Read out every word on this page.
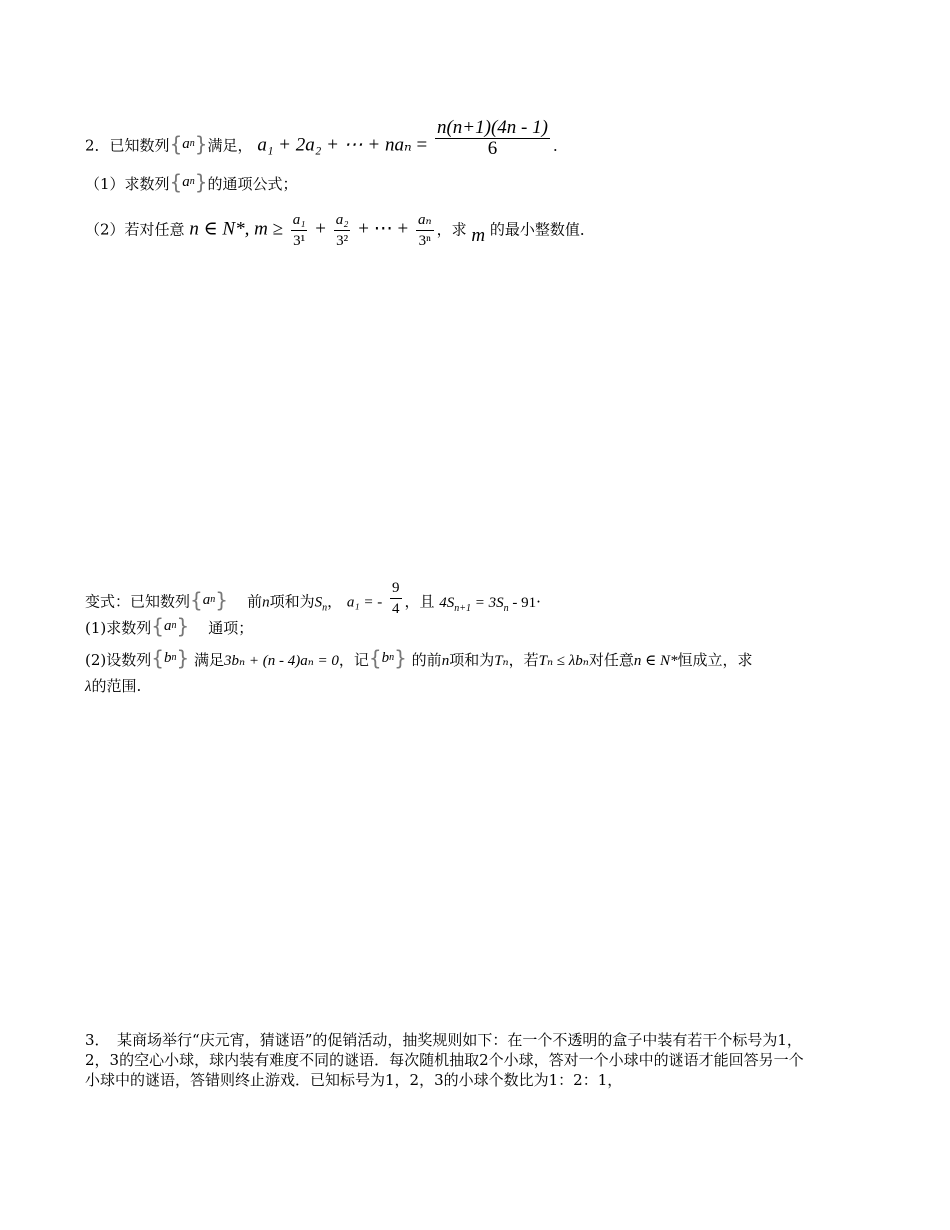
2．已知数列 { a n } 满足， a₁ + 2a₂ + ⋯ + $na_n = \frac{n(n+1)(4n - 1)}{6}$ ．
（1）求数列 { a n } 的通项公式；
（2）若对任意 n ∈ N*, $m \ge \frac{\text{a₁}}{\text{3¹}} + \frac{\text{a₂}}{\text{3²}}$ + ⋯ + $\frac{\text{aₙ}}{\text{3ⁿ}}$ ，求 m 的最小整数值．
变式：已知数列 { a n } 前n项和为$S_n$， a₁ = - $\frac{9}{4}$ ，且 $4S_{n+1} = 3S_n - 91\cdot$
(1)求数列 { a n } 通项；
(2)设数列 { b n } 满足3bₙ + (n - 4)aₙ = 0，记 { b n } 的前n项和为Tₙ，若Tₙ ≤ λbₙ对任意n ∈ N*恒成立，求
λ的范围.
3．　某商场举行“庆元宵，猜谜语”的促销活动，抽奖规则如下：在一个不透明的盒子中装有若干个标号为1，2，3的空心小球，球内装有难度不同的谜语．每次随机抽取2个小球，答对一个小球中的谜语才能回答另一个小球中的谜语，答错则终止游戏．已知标号为1，2，3的小球个数比为1：2：1，
